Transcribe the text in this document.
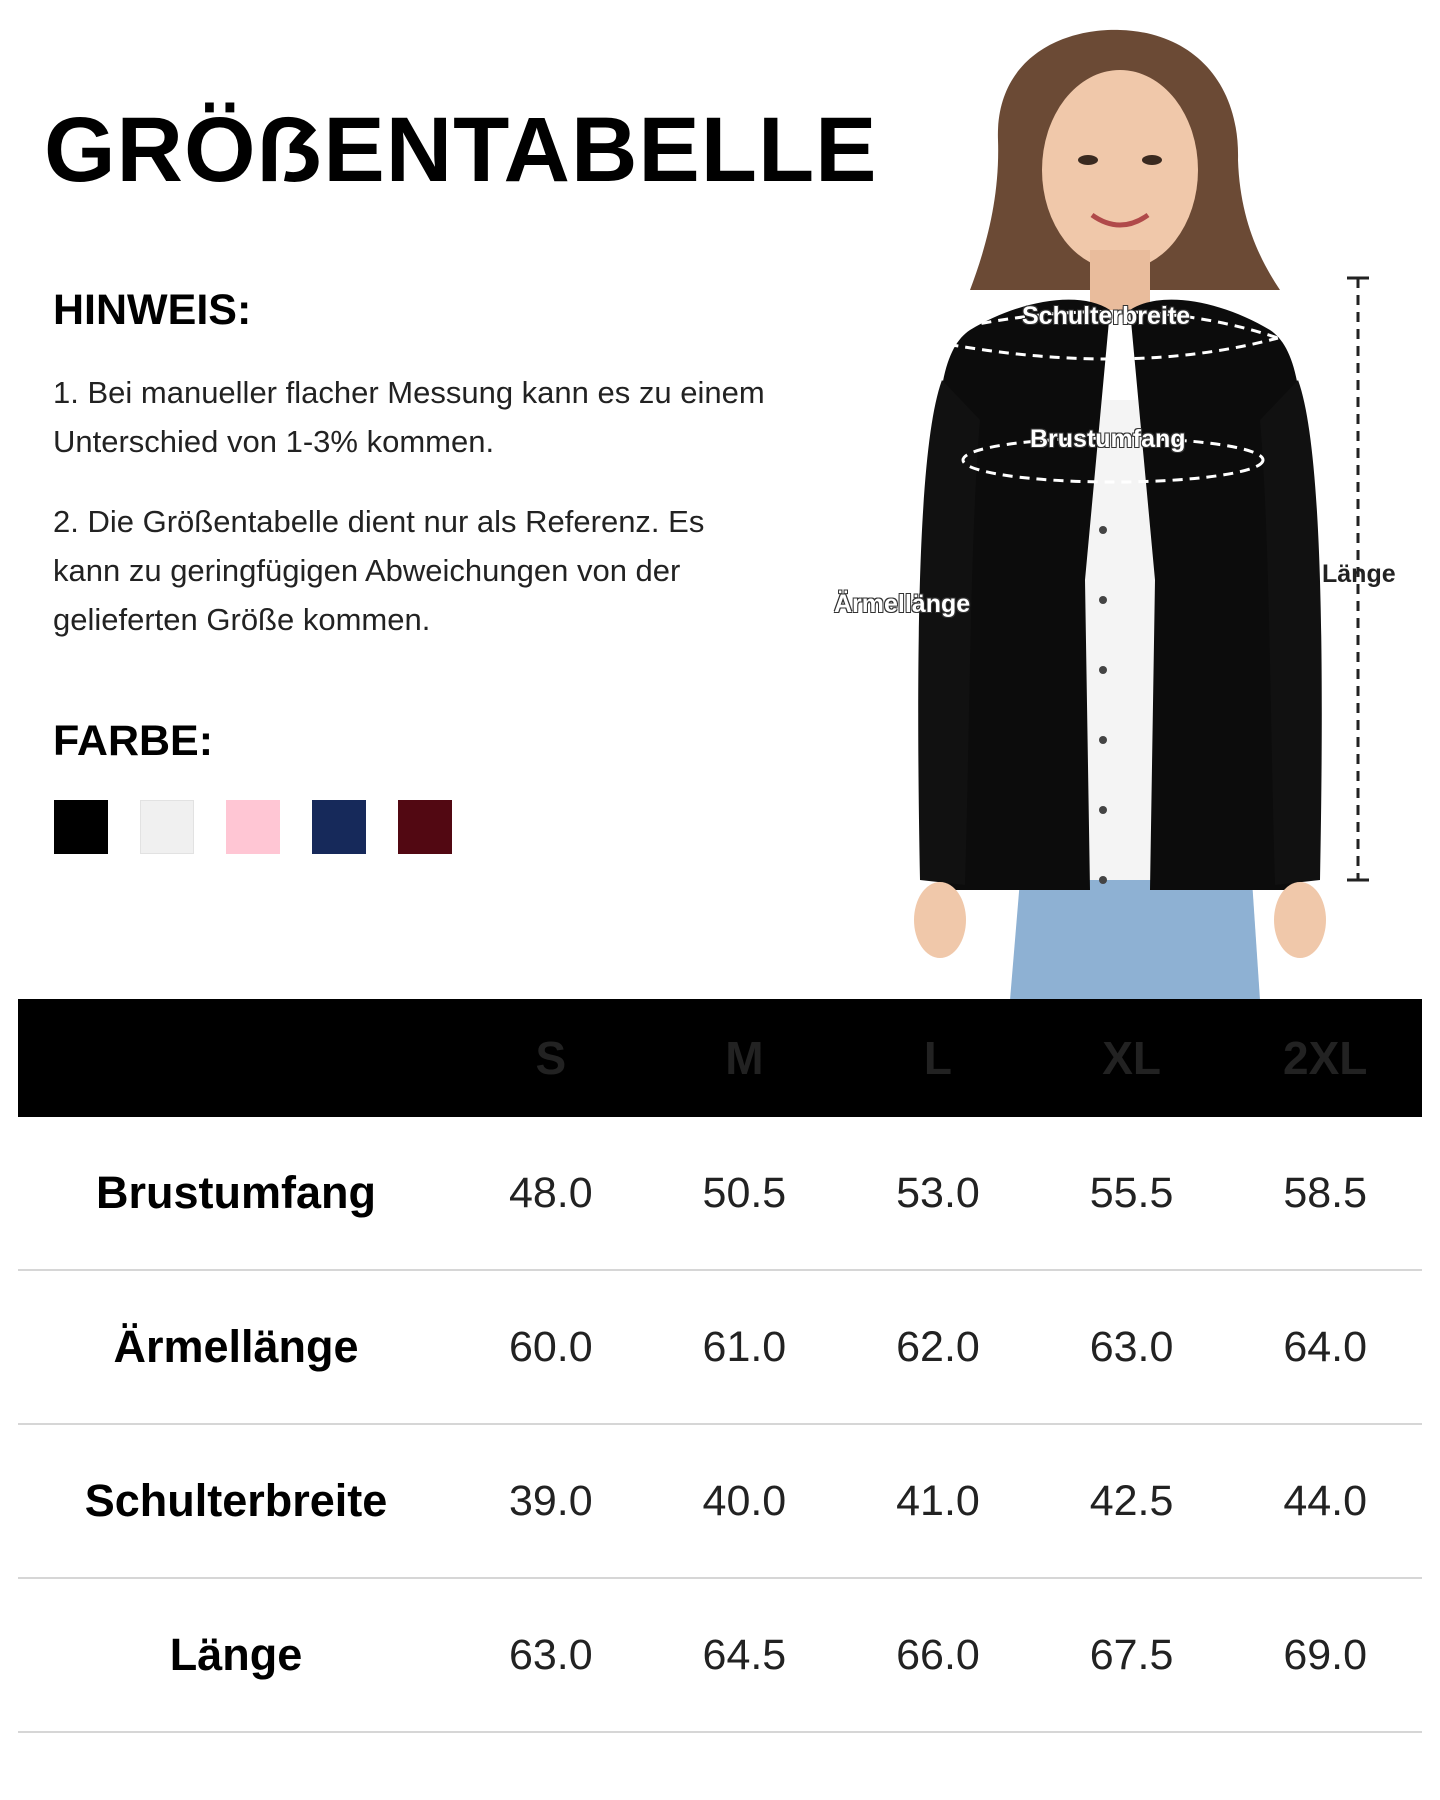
GRÖẞENTABELLE
HINWEIS:

1. Bei manueller flacher Messung kann es zu einem Unterschied von 1-3% kommen.

2. Die Größentabelle dient nur als Referenz. Es kann zu geringfügigen Abweichungen von der gelieferten Größe kommen.

FARBE:
Schulterbreite
Brustumfang
Ärmellänge
Länge
DE-Größe (cm)	S	M	L	XL	2XL
Brustumfang	48.0	50.5	53.0	55.5	58.5
Ärmellänge	60.0	61.0	62.0	63.0	64.0
Schulterbreite	39.0	40.0	41.0	42.5	44.0
Länge	63.0	64.5	66.0	67.5	69.0
